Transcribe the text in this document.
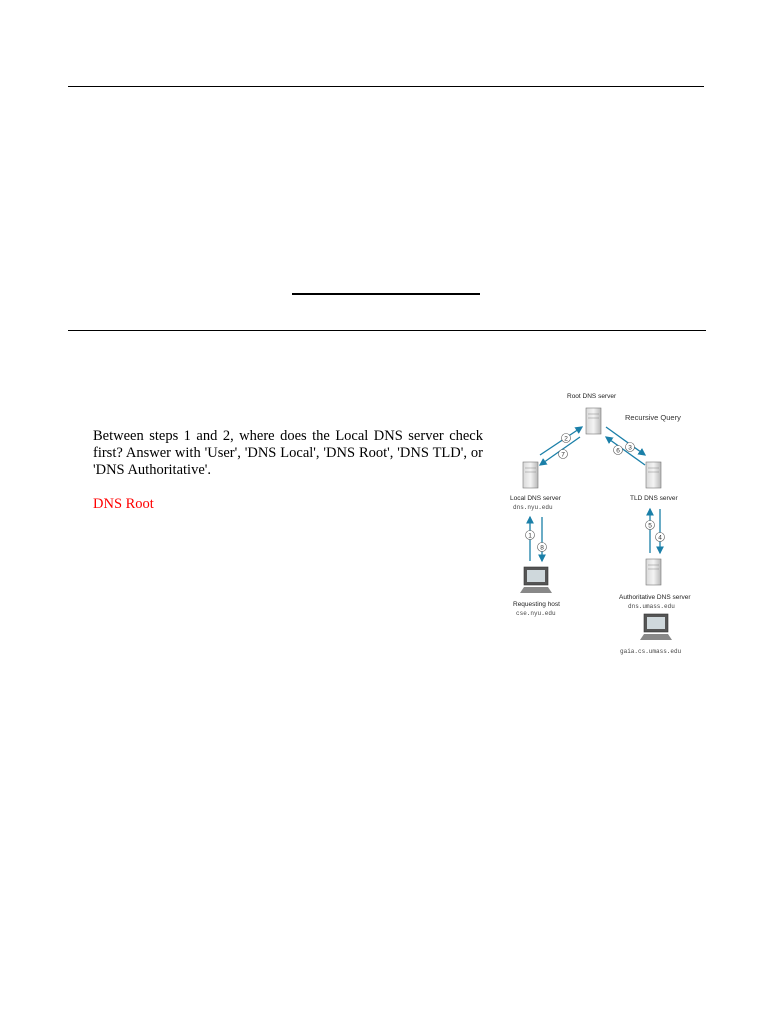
Between steps 1 and 2, where does the Local DNS server check first? Answer with 'User', 'DNS Local', 'DNS Root', 'DNS TLD', or 'DNS Authoritative'.
DNS Root
Root DNS server
Recursive Query
Local DNS server
dns.nyu.edu
TLD DNS server
Requesting host
cse.nyu.edu
Authoritative DNS server
dns.umass.edu
gaia.cs.umass.edu
2
7
3
6
1
8
4
5
